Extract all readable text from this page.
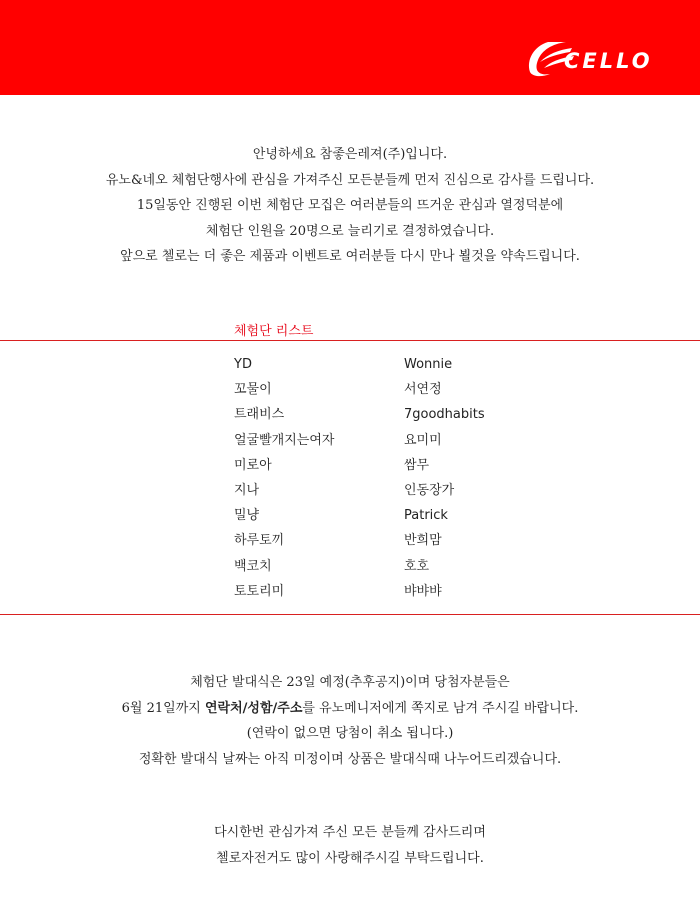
CELLO

안녕하세요 참좋은레져(주)입니다.

유노&네오 체험단행사에 관심을 가져주신 모든분들께 먼저 진심으로 감사를 드립니다.

15일동안 진행된 이번 체험단 모집은 여러분들의 뜨거운 관심과 열정덕분에

체험단 인원을 20명으로 늘리기로 결정하였습니다.

앞으로 첼로는 더 좋은 제품과 이벤트로 여러분들 다시 만나 뵐것을 약속드립니다.

체험단 리스트
YD
꼬물이
트래비스
얼굴빨개지는여자
미로아
지나
밀냥
하루토끼
백코치
토토리미
Wonnie
서연정
7goodhabits
요미미
쌈무
인동장가
Patrick
반희맘
호호
뱌뱌뱌

체험단 발대식은 23일 예정(추후공지)이며 당첨자분들은

6월 21일까지 연락처/성함/주소를 유노메니저에게 쪽지로 남겨 주시길 바랍니다.

(연락이 없으면 당첨이 취소 됩니다.)

정확한 발대식 날짜는 아직 미정이며 상품은 발대식때 나누어드리겠습니다.

다시한번 관심가져 주신 모든 분들께 감사드리며

첼로자전거도 많이 사랑해주시길 부탁드립니다.
